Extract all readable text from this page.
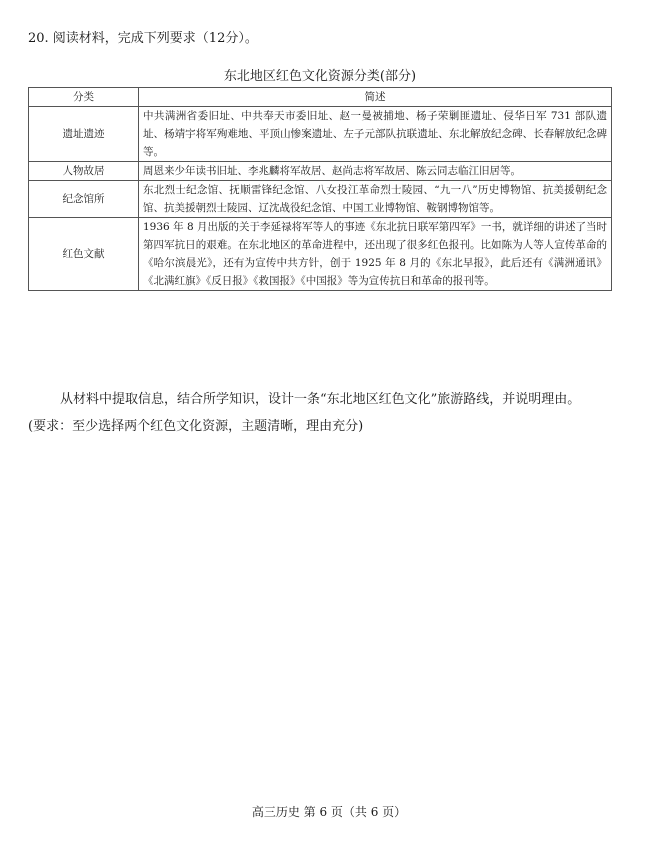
20. 阅读材料，完成下列要求（12分）。
东北地区红色文化资源分类(部分)
分类	简述
遗址遗迹	中共满洲省委旧址、中共奉天市委旧址、赵一曼被捕地、杨子荣剿匪遗址、侵华日军 731 部队遗址、杨靖宇将军殉难地、平顶山惨案遗址、左子元部队抗联遗址、东北解放纪念碑、长春解放纪念碑等。
人物故居	周恩来少年读书旧址、李兆麟将军故居、赵尚志将军故居、陈云同志临江旧居等。
纪念馆所	东北烈士纪念馆、抚顺雷锋纪念馆、八女投江革命烈士陵园、“九一八”历史博物馆、抗美援朝纪念馆、抗美援朝烈士陵园、辽沈战役纪念馆、中国工业博物馆、鞍钢博物馆等。
红色文献	1936 年 8 月出版的关于李延禄将军等人的事迹《东北抗日联军第四军》一书，就详细的讲述了当时第四军抗日的艰难。在东北地区的革命进程中，还出现了很多红色报刊。比如陈为人等人宣传革命的《哈尔滨晨光》，还有为宣传中共方针，创于 1925 年 8 月的《东北早报》，此后还有《满洲通讯》《北满红旗》《反日报》《救国报》《中国报》等为宣传抗日和革命的报刊等。
从材料中提取信息，结合所学知识，设计一条“东北地区红色文化”旅游路线，并说明理由。
(要求：至少选择两个红色文化资源，主题清晰，理由充分)
高三历史 第 6 页（共 6 页）
